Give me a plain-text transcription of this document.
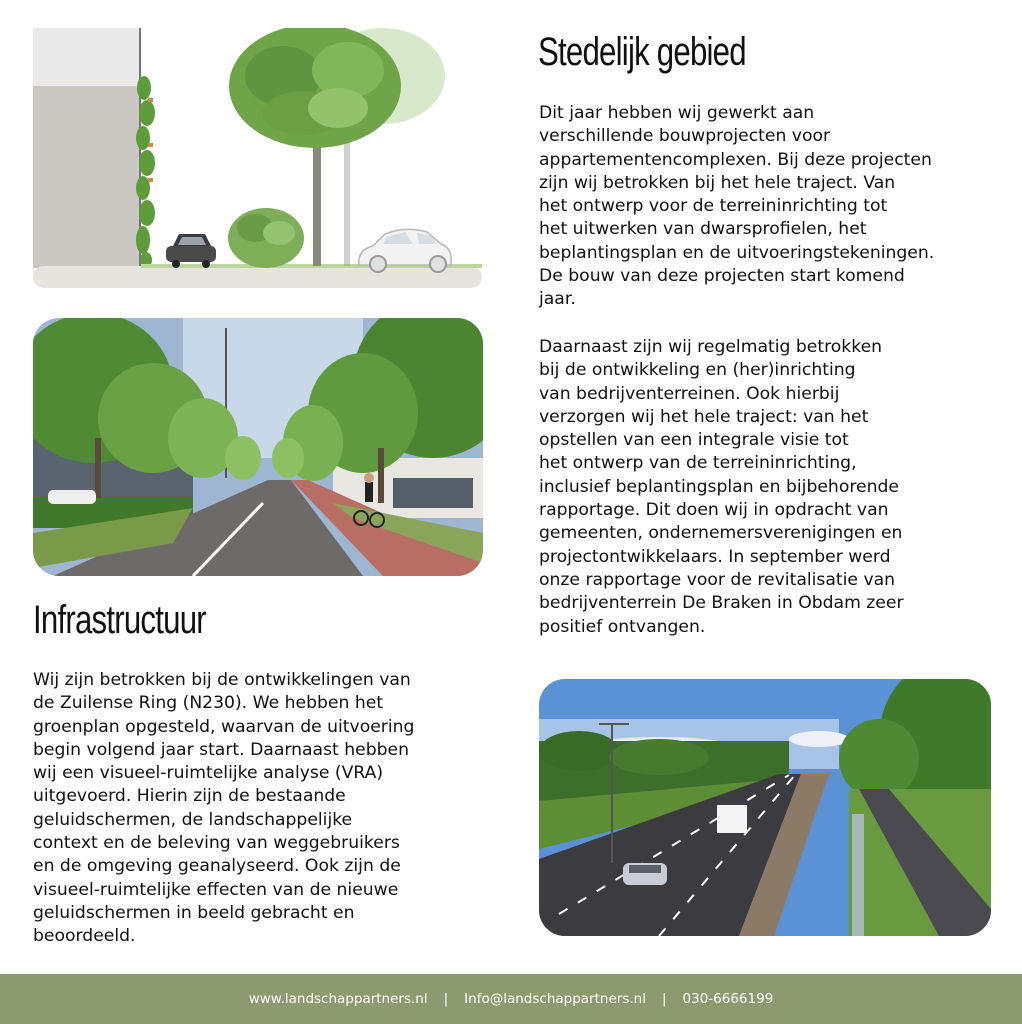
Stedelijk gebied
Dit jaar hebben wij gewerkt aan
verschillende bouwprojecten voor
appartementencomplexen. Bij deze projecten
zijn wij betrokken bij het hele traject. Van
het ontwerp voor de terreininrichting tot
het uitwerken van dwarsprofielen, het
beplantingsplan en de uitvoeringstekeningen.
De bouw van deze projecten start komend
jaar.
Daarnaast zijn wij regelmatig betrokken
bij de ontwikkeling en (her)inrichting
van bedrijventerreinen. Ook hierbij
verzorgen wij het hele traject: van het
opstellen van een integrale visie tot
het ontwerp van de terreininrichting,
inclusief beplantingsplan en bijbehorende
rapportage. Dit doen wij in opdracht van
gemeenten, ondernemersverenigingen en
projectontwikkelaars. In september werd
onze rapportage voor de revitalisatie van
bedrijventerrein De Braken in Obdam zeer
positief ontvangen.
Infrastructuur
Wij zijn betrokken bij de ontwikkelingen van
de Zuilense Ring (N230). We hebben het
groenplan opgesteld, waarvan de uitvoering
begin volgend jaar start. Daarnaast hebben
wij een visueel-ruimtelijke analyse (VRA)
uitgevoerd. Hierin zijn de bestaande
geluidschermen, de landschappelijke
context en de beleving van weggebruikers
en de omgeving geanalyseerd. Ook zijn de
visueel-ruimtelijke effecten van de nieuwe
geluidschermen in beeld gebracht en
beoordeeld.
www.landschappartners.nl | Info@landschappartners.nl | 030-6666199
